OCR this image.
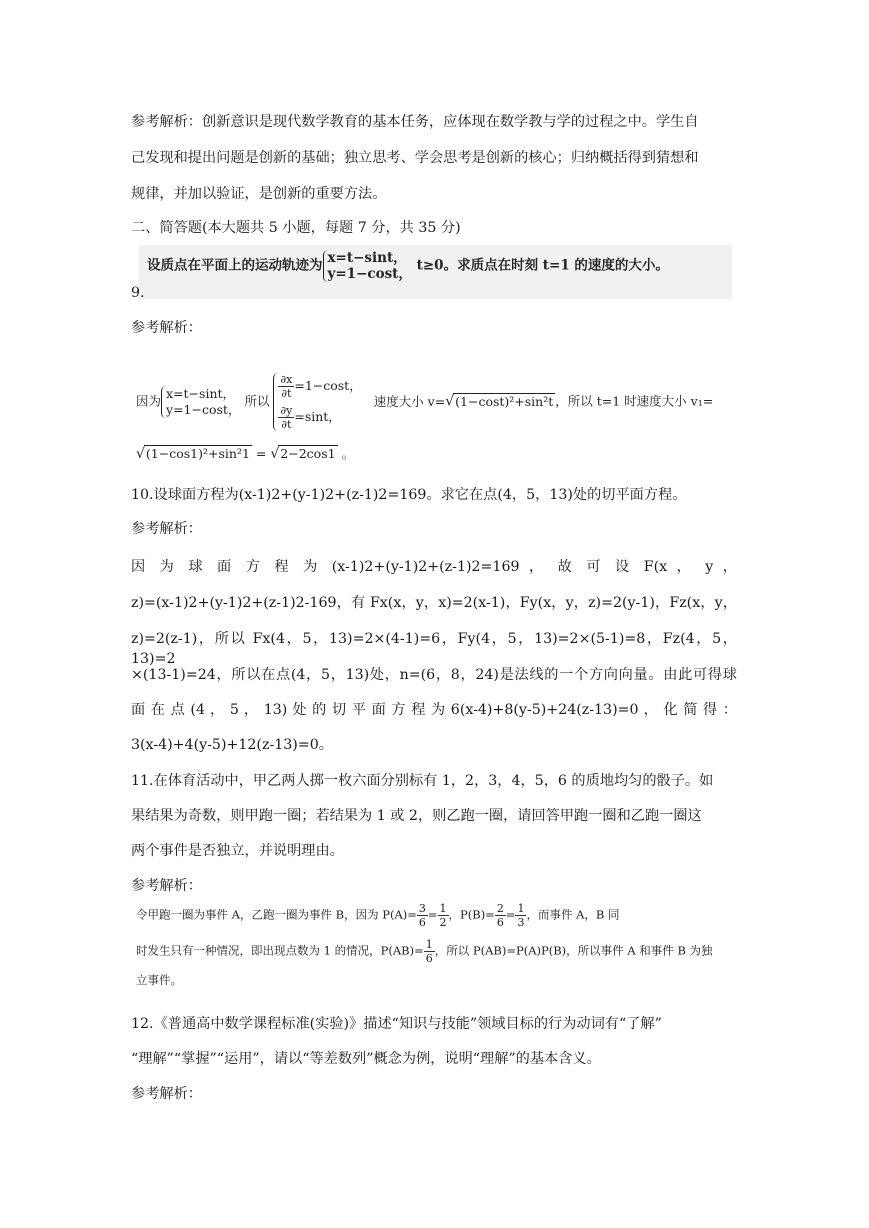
参考解析：创新意识是现代数学教育的基本任务，应体现在数学教与学的过程之中。学生自
己发现和提出问题是创新的基础；独立思考、学会思考是创新的核心；归纳概括得到猜想和
规律，并加以验证，是创新的重要方法。
二、简答题(本大题共 5 小题，每题 7 分，共 35 分)
设质点在平面上的运动轨迹为 x=t−sint，
y=1−cost，
t≥0。求质点在时刻 t=1 的速度的大小。
9.
参考解析：
因为 x=t−sint，
y=1−cost，
所以
$\frac{\partial x}{\partial t} =1-\cos t$，
$\frac{\partial y}{\partial t} =\sin t$，
速度大小 v=√(1−cost)²+sin²t ，所以 t=1 时速度大小 v₁=
√(1−cos1)²+sin²1 = √2−2cos1 。
10.设球面方程为(x-1)2+(y-1)2+(z-1)2=169。求它在点(4，5，13)处的切平面方程。
参考解析：
因 为 球 面 方 程 为 (x-1)2+(y-1)2+(z-1)2=169 ， 故 可 设 F(x ， y ，
z)=(x-1)2+(y-1)2+(z-1)2-169，有 Fx(x，y，x)=2(x-1)，Fy(x，y，z)=2(y-1)，Fz(x，y，
z)=2(z-1)，所以 Fx(4，5，13)=2×(4-1)=6，Fy(4，5，13)=2×(5-1)=8，Fz(4，5，13)=2
×(13-1)=24，所以在点(4，5，13)处，n=(6，8，24)是法线的一个方向向量。由此可得球
面 在 点 (4 ， 5 ， 13) 处 的 切 平 面 方 程 为 6(x-4)+8(y-5)+24(z-13)=0 ， 化 简 得 ：
3(x-4)+4(y-5)+12(z-13)=0。
11.在体育活动中，甲乙两人掷一枚六面分别标有 1，2，3，4，5，6 的质地均匀的骰子。如
果结果为奇数，则甲跑一圈；若结果为 1 或 2，则乙跑一圈，请回答甲跑一圈和乙跑一圈这
两个事件是否独立，并说明理由。
参考解析：
令甲跑一圈为事件 A，乙跑一圈为事件 B，因为 $P(A)= \frac{3}{6} = \frac{1}{2}$ ，$P(B)= \frac{2}{6} = \frac{1}{3}$ ，而事件 A，B 同
时发生只有一种情况，即出现点数为 1 的情况，$P(AB)= \frac{1}{6}$ ，所以 P(AB)=P(A)P(B)，所以事件 A 和事件 B 为独
立事件。
12.《普通高中数学课程标准(实验)》描述“知识与技能”领域目标的行为动词有“了解”
“理解”“掌握”“运用”，请以“等差数列”概念为例，说明“理解”的基本含义。
参考解析：
